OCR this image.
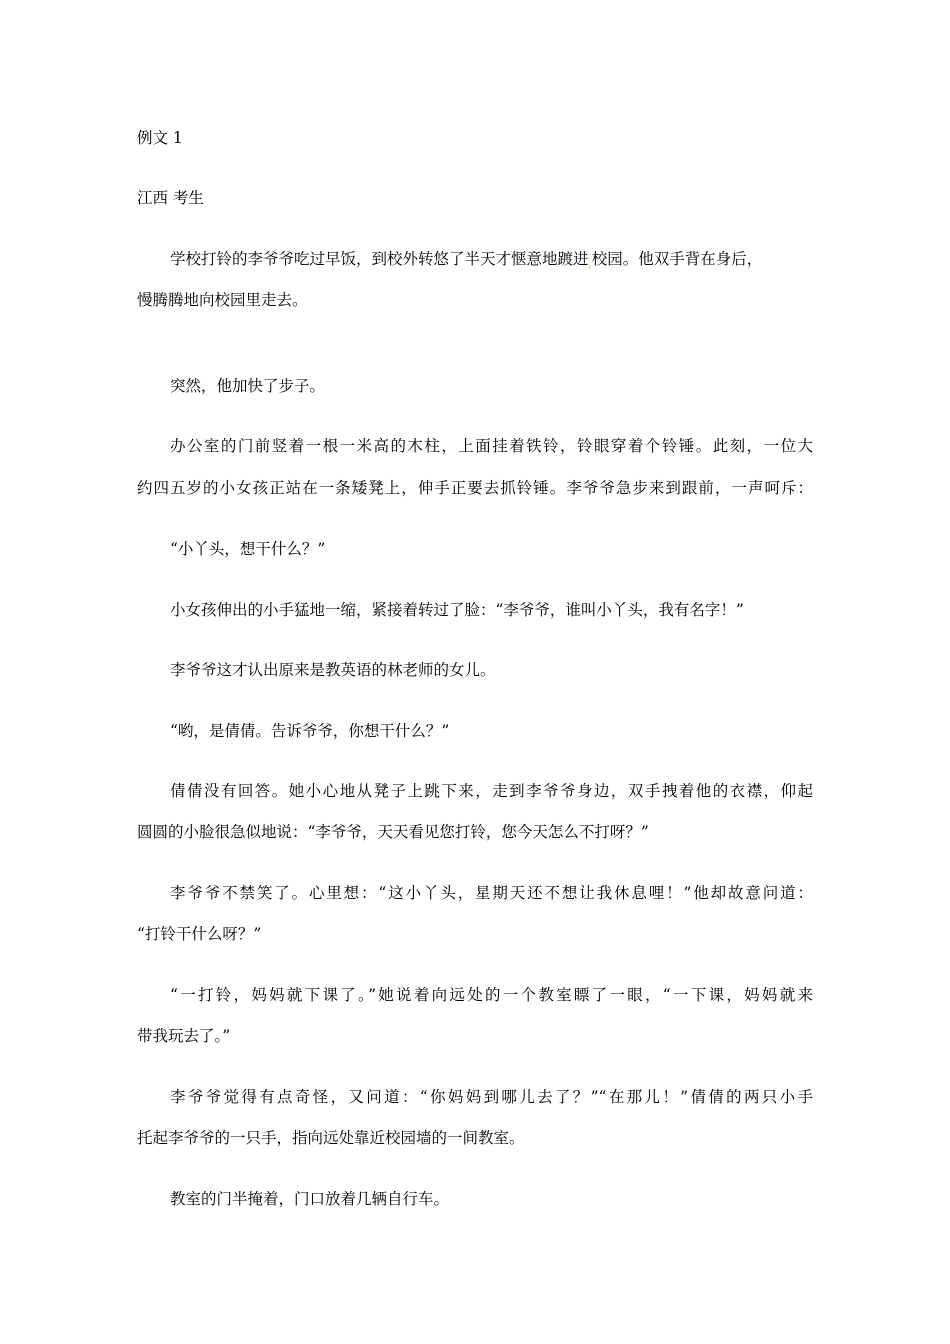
例文 1
江西 考生
学校打铃的李爷爷吃过早饭，到校外转悠了半天才惬意地踱进,校园。他双手背在身后，
慢腾腾地向校园里走去。
突然，他加快了步子。
办公室的门前竖着一根一米高的木柱，上面挂着铁铃，铃眼穿着个铃锤。此刻，一位大
约四五岁的小女孩正站在一条矮凳上，伸手正要去抓铃锤。李爷爷急步来到跟前，一声呵斥：
“小丫头，想干什么？”
小女孩伸出的小手猛地一缩，紧接着转过了脸：“李爷爷，谁叫小丫头，我有名字！”
李爷爷这才认出原来是教英语的林老师的女儿。
“哟，是倩倩。告诉爷爷，你想干什么？”
倩倩没有回答。她小心地从凳子上跳下来，走到李爷爷身边，双手拽着他的衣襟，仰起
圆圆的小脸很急似地说：“李爷爷，天天看见您打铃，您今天怎么不打呀？”
李爷爷不禁笑了。心里想：“这小丫头，星期天还不想让我休息哩！”他却故意问道：
“打铃干什么呀？”
“一打铃，妈妈就下课了。”她说着向远处的一个教室瞟了一眼，“一下课，妈妈就来
带我玩去了。”
李爷爷觉得有点奇怪，又问道：“你妈妈到哪儿去了？”“在那儿！”倩倩的两只小手
托起李爷爷的一只手，指向远处靠近校园墙的一间教室。
教室的门半掩着，门口放着几辆自行车。
